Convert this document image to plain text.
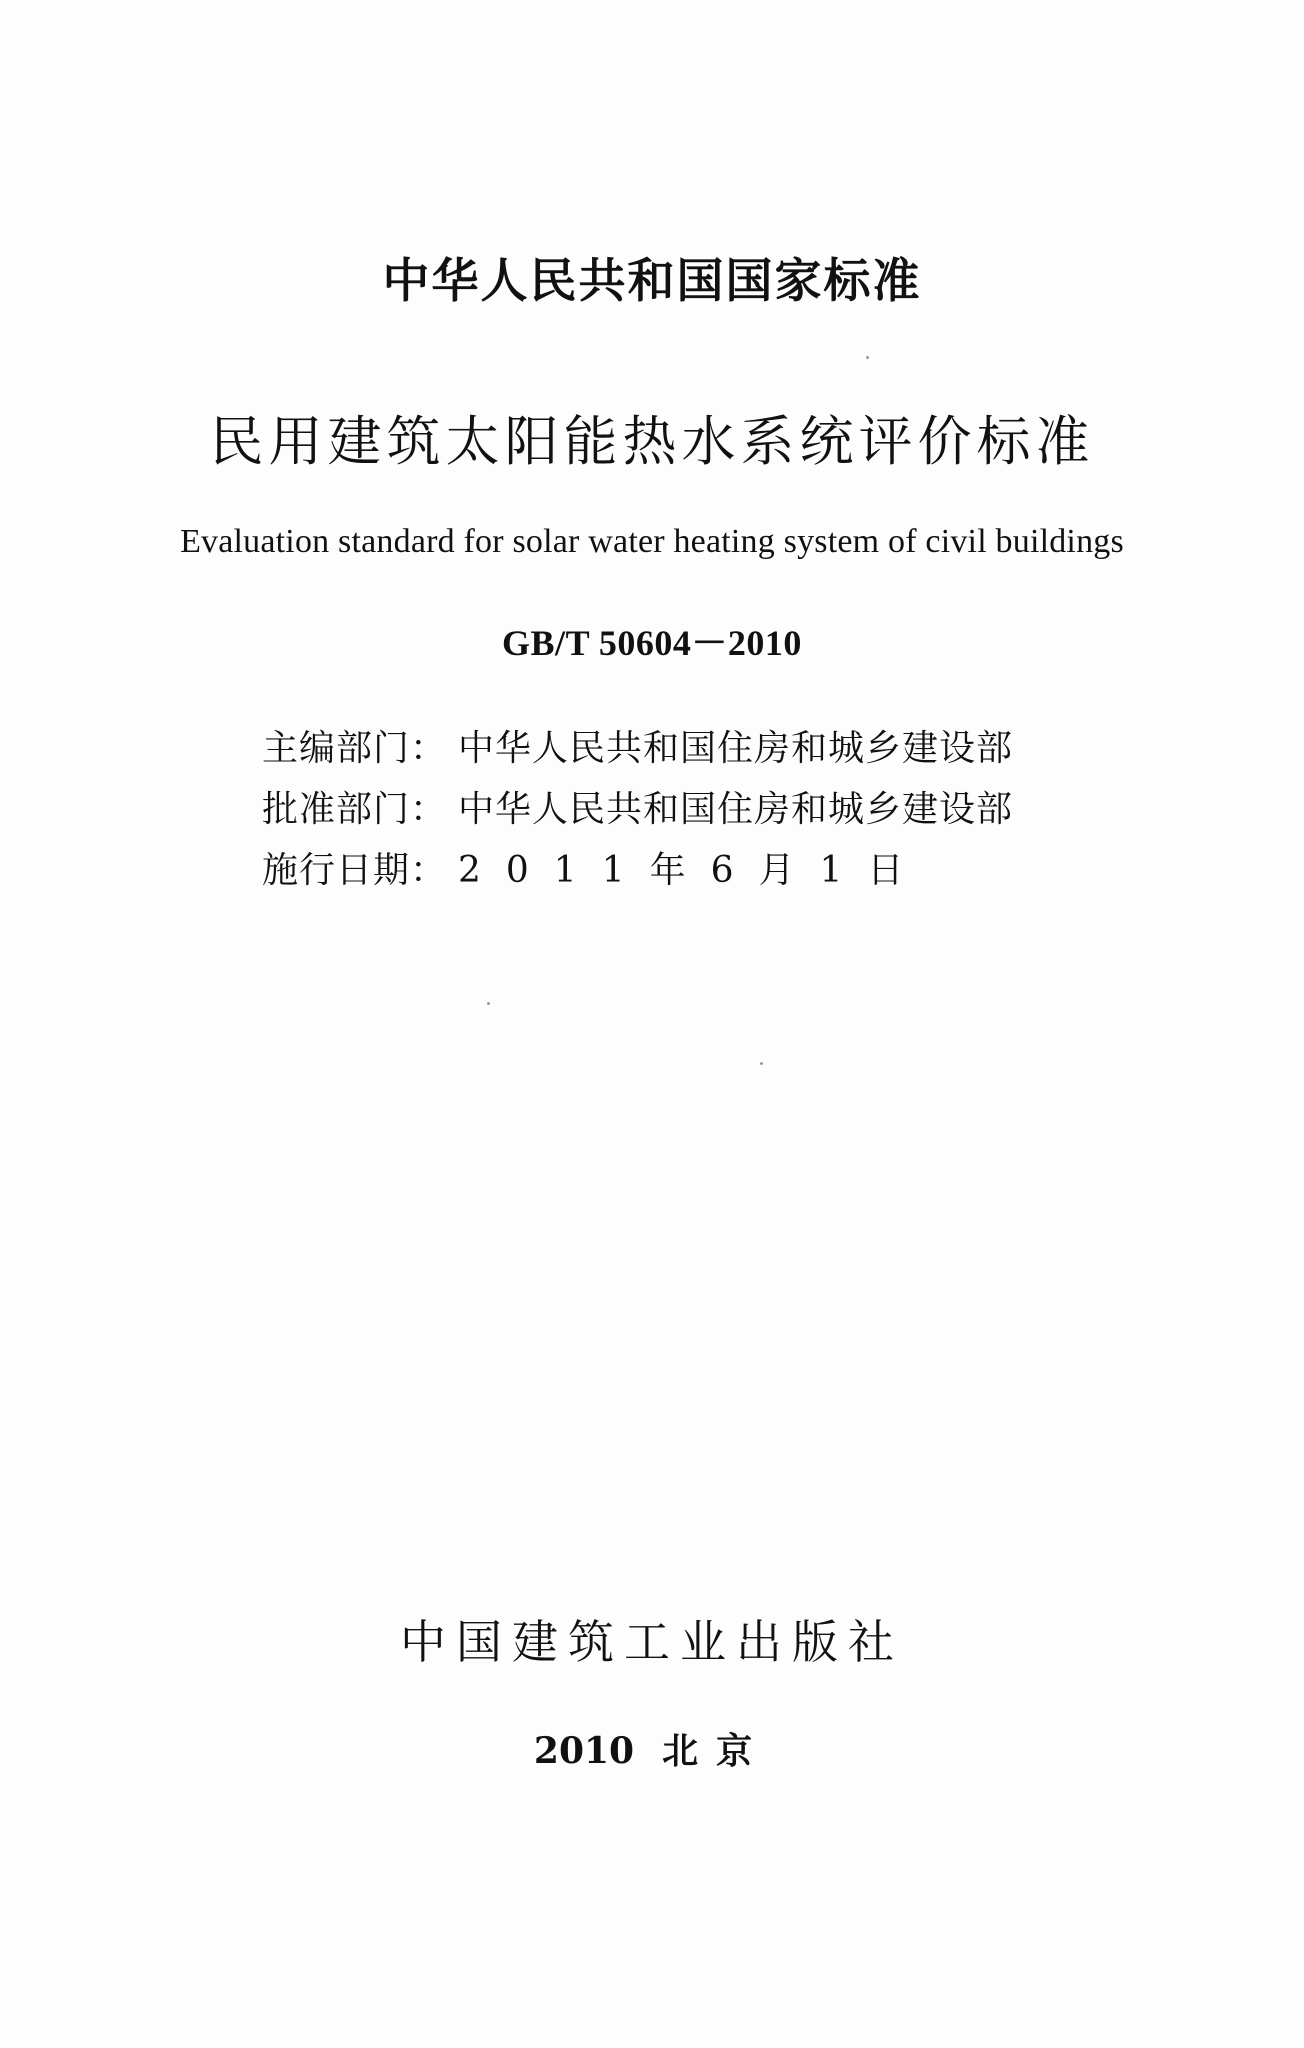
中华人民共和国国家标准
民用建筑太阳能热水系统评价标准
Evaluation standard for solar water heating system of civil buildings
GB/T 50604－2010
主编部门： 中华人民共和国住房和城乡建设部
批准部门： 中华人民共和国住房和城乡建设部
施行日期： 2011年6月1日
中国建筑工业出版社
2010 北京
